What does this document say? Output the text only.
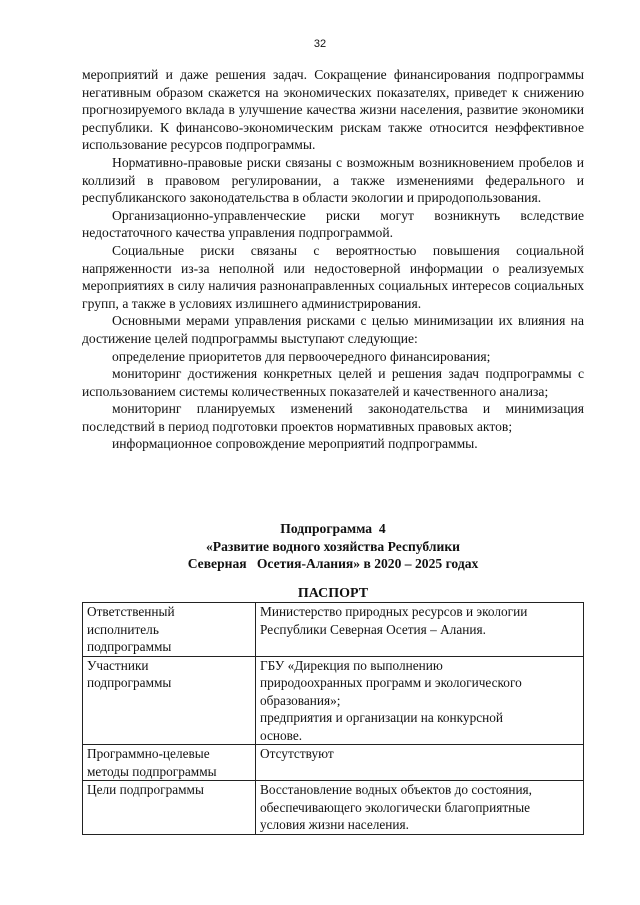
32

мероприятий и даже решения задач. Сокращение финансирования подпрограммы негативным образом скажется на экономических показателях, приведет к снижению прогнозируемого вклада в улучшение качества жизни населения, развитие экономики республики. К финансово-экономическим рискам также относится неэффективное использование ресурсов подпрограммы.

Нормативно-правовые риски связаны с возможным возникновением пробелов и коллизий в правовом регулировании, а также изменениями федерального и республиканского законодательства в области экологии и природопользования.

Организационно-управленческие риски могут возникнуть вследствие недостаточного качества управления подпрограммой.

Социальные риски связаны с вероятностью повышения социальной напряженности из-за неполной или недостоверной информации о реализуемых мероприятиях в силу наличия разнонаправленных социальных интересов социальных групп, а также в условиях излишнего администрирования.

Основными мерами управления рисками с целью минимизации их влияния на достижение целей подпрограммы выступают следующие:

определение приоритетов для первоочередного финансирования;

мониторинг достижения конкретных целей и решения задач подпрограммы с использованием системы количественных показателей и качественного анализа;

мониторинг планируемых изменений законодательства и минимизация последствий в период подготовки проектов нормативных правовых актов;

информационное сопровождение мероприятий подпрограммы.

Подпрограмма  4
«Развитие водного хозяйства Республики
Северная   Осетия-Алания» в 2020 – 2025 годах
ПАСПОРТ
Ответственный
исполнитель
подпрограммы	Министерство природных ресурсов и экологии
Республики Северная Осетия – Алания.

Участники
подпрограммы	ГБУ «Дирекция по выполнению
природоохранных программ и экологического
образования»;
предприятия и организации на конкурсной
основе.

Программно-целевые
методы подпрограммы	Отсутствуют

Цели подпрограммы	Восстановление водных объектов до состояния,
обеспечивающего экологически благоприятные
условия жизни населения.
